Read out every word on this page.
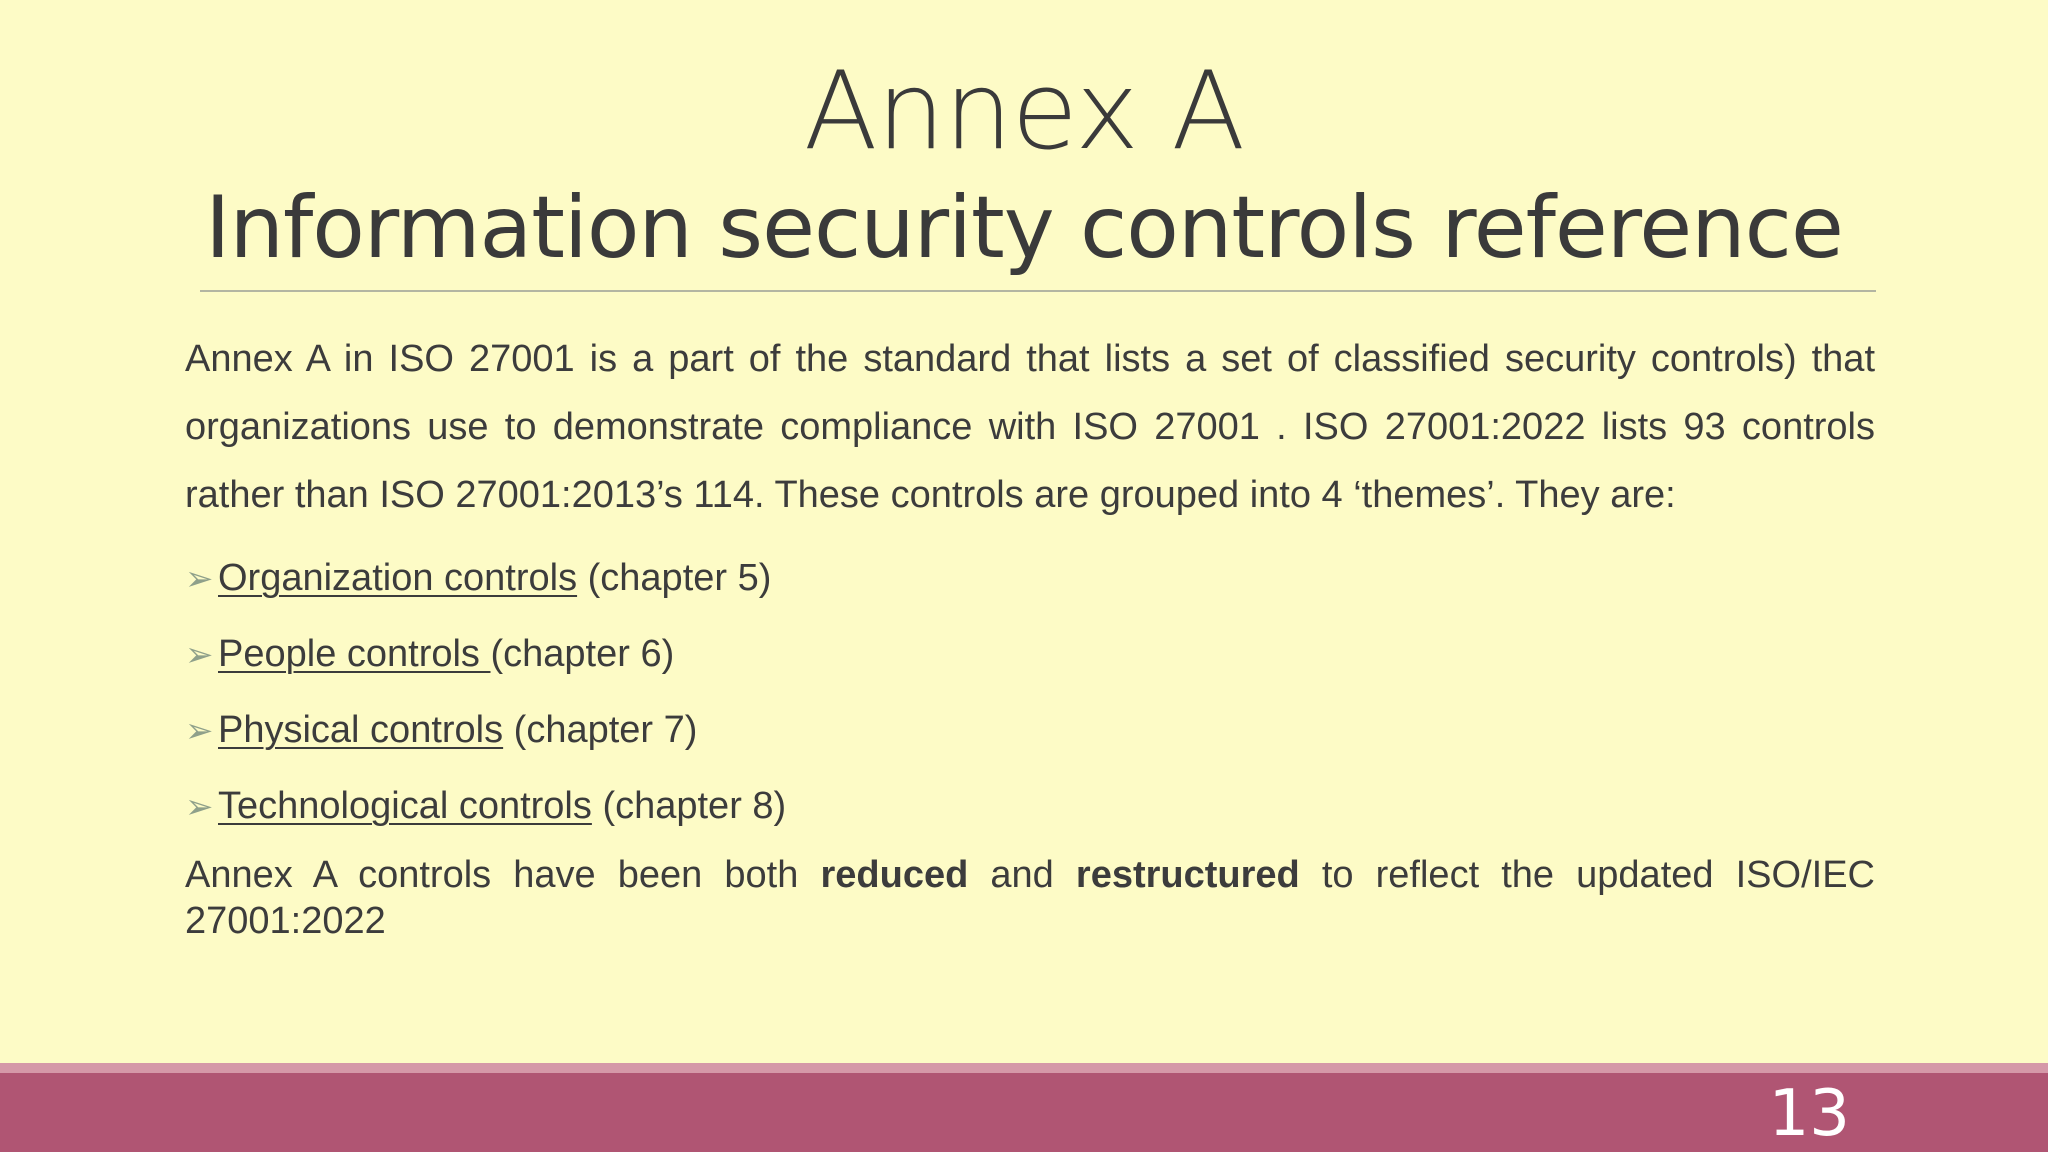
Annex A
Information security controls reference

Annex A in ISO 27001 is a part of the standard that lists a set of classified security controls) that organizations use to demonstrate compliance with ISO 27001 . ISO 27001:2022 lists 93 controls rather than ISO 27001:2013’s 114. These controls are grouped into 4 ‘themes’. They are:

➢ Organization controls (chapter 5)
➢ People controls (chapter 6)
➢ Physical controls (chapter 7)
➢ Technological controls (chapter 8)

Annex A controls have been both reduced and restructured to reflect the updated ISO/IEC 27001:2022

13
